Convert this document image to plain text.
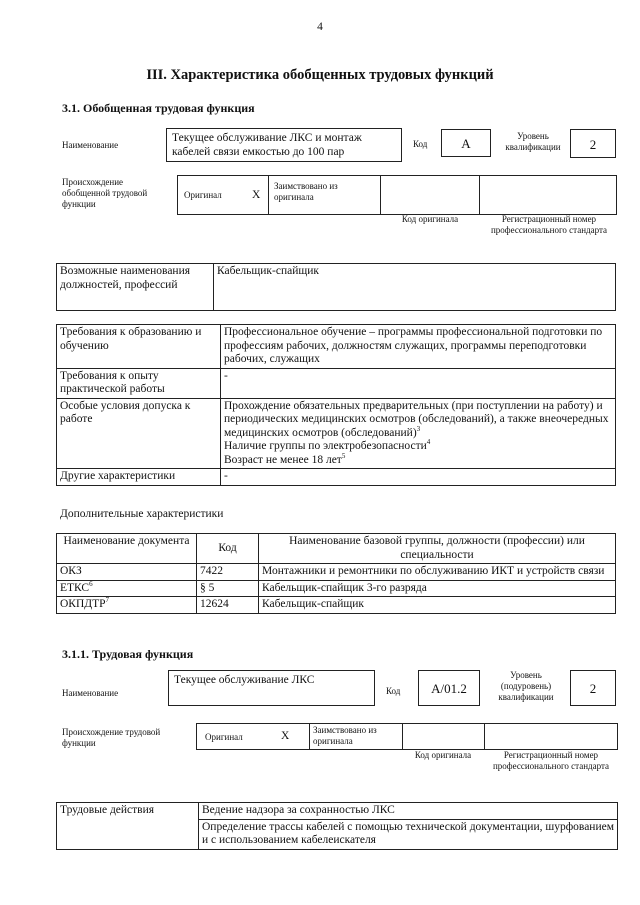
4
III. Характеристика обобщенных трудовых функций
3.1. Обобщенная трудовая функция
Наименование
Текущее обслуживание ЛКС и монтаж кабелей связи емкостью до 100 пар
Код	А	Уровень квалификации	2
Происхождение обобщенной трудовой функции
Оригинал	X
Заимствовано из оригинала
Код оригинала	Регистрационный номер профессионального стандарта
Возможные наименования должностей, профессий	Кабельщик-спайщик
Требования к образованию и обучению	Профессиональное обучение – программы профессиональной подготовки по профессиям рабочих, должностям служащих, программы переподготовки рабочих, служащих
Требования к опыту практической работы	-
Особые условия допуска к работе	Прохождение обязательных предварительных (при поступлении на работу) и периодических медицинских осмотров (обследований), а также внеочередных медицинских осмотров (обследований)$^3$
Наличие группы по электробезопасности$^4$
Возраст не менее 18 лет$^5$
Другие характеристики	-
Дополнительные характеристики
Наименование документа	Код	Наименование базовой группы, должности (профессии) или специальности
ОКЗ	7422	Монтажники и ремонтники по обслуживанию ИКТ и устройств связи
ЕТКС$^6$	§ 5	Кабельщик-спайщик 3-го разряда
ОКПДТР$^7$	12624	Кабельщик-спайщик
3.1.1. Трудовая функция
Наименование
Текущее обслуживание ЛКС
Код	А/01.2
Уровень (подуровень) квалификации
2
Происхождение трудовой функции
Оригинал	X	Заимствовано из оригинала
Код оригинала	Регистрационный номер профессионального стандарта
Трудовые действия	Ведение надзора за сохранностью ЛКС
Определение трассы кабелей с помощью технической документации, шурфованием и с использованием кабелеискателя
